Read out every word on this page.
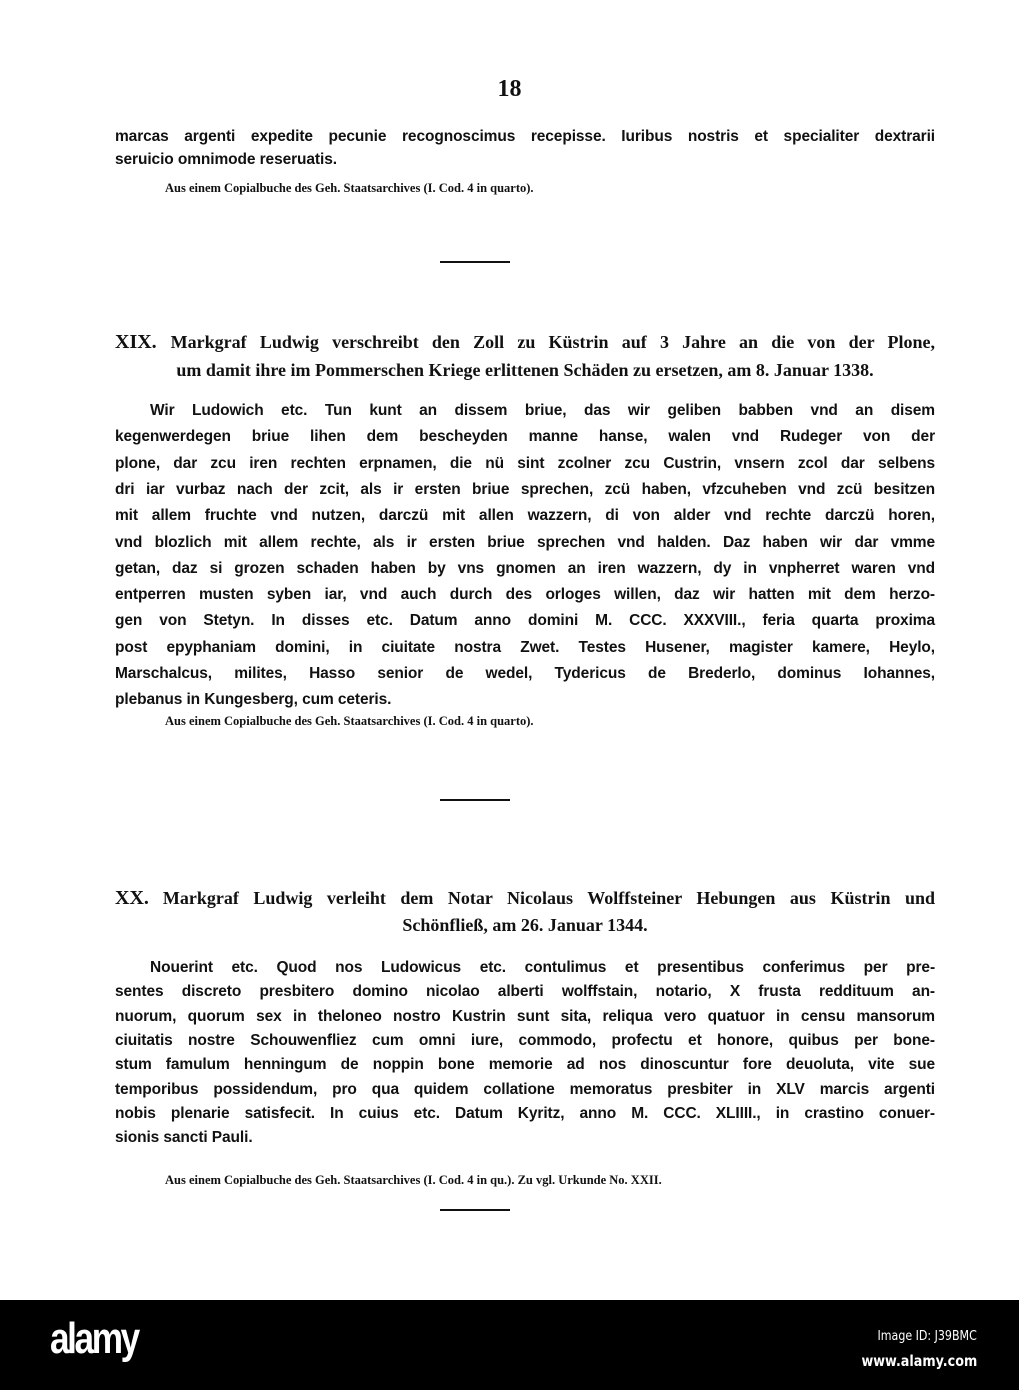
18
marcas argenti expedite pecunie recognoscimus recepisse. Iuribus nostris et specialiter dextrarii
seruicio omnimode reseruatis.
Aus einem Copialbuche des Geh. Staatsarchives (I. Cod. 4 in quarto).
XIX. Markgraf Ludwig verschreibt den Zoll zu Küstrin auf 3 Jahre an die von der Plone,
um damit ihre im Pommerschen Kriege erlittenen Schäden zu ersetzen, am 8. Januar 1338.
Wir Ludowich etc. Tun kunt an dissem briue, das wir geliben babben vnd an disem
kegenwerdegen briue lihen dem bescheyden manne hanse, walen vnd Rudeger von der
plone, dar zcu iren rechten erpnamen, die nü sint zcolner zcu Custrin, vnsern zcol dar selbens
dri iar vurbaz nach der zcit, als ir ersten briue sprechen, zcü haben, vfzcuheben vnd zcü besitzen
mit allem fruchte vnd nutzen, darczü mit allen wazzern, di von alder vnd rechte darczü horen,
vnd blozlich mit allem rechte, als ir ersten briue sprechen vnd halden. Daz haben wir dar vmme
getan, daz si grozen schaden haben by vns gnomen an iren wazzern, dy in vnpherret waren vnd
entperren musten syben iar, vnd auch durch des orloges willen, daz wir hatten mit dem herzo-
gen von Stetyn. In disses etc. Datum anno domini M. CCC. XXXVIII., feria quarta proxima
post epyphaniam domini, in ciuitate nostra Zwet. Testes Husener, magister kamere, Heylo,
Marschalcus, milites, Hasso senior de wedel, Tydericus de Brederlo, dominus Iohannes,
plebanus in Kungesberg, cum ceteris.
Aus einem Copialbuche des Geh. Staatsarchives (I. Cod. 4 in quarto).
XX. Markgraf Ludwig verleiht dem Notar Nicolaus Wolffsteiner Hebungen aus Küstrin und
Schönfließ, am 26. Januar 1344.
Nouerint etc. Quod nos Ludowicus etc. contulimus et presentibus conferimus per pre-
sentes discreto presbitero domino nicolao alberti wolffstain, notario, X frusta reddituum an-
nuorum, quorum sex in theloneo nostro Kustrin sunt sita, reliqua vero quatuor in censu mansorum
ciuitatis nostre Schouwenfliez cum omni iure, commodo, profectu et honore, quibus per bone-
stum famulum henningum de noppin bone memorie ad nos dinoscuntur fore deuoluta, vite sue
temporibus possidendum, pro qua quidem collatione memoratus presbiter in XLV marcis argenti
nobis plenarie satisfecit. In cuius etc. Datum Kyritz, anno M. CCC. XLIIII., in crastino conuer-
sionis sancti Pauli.
Aus einem Copialbuche des Geh. Staatsarchives (I. Cod. 4 in qu.). Zu vgl. Urkunde No. XXII.
alamy	Image ID: J39BMC
www.alamy.com
